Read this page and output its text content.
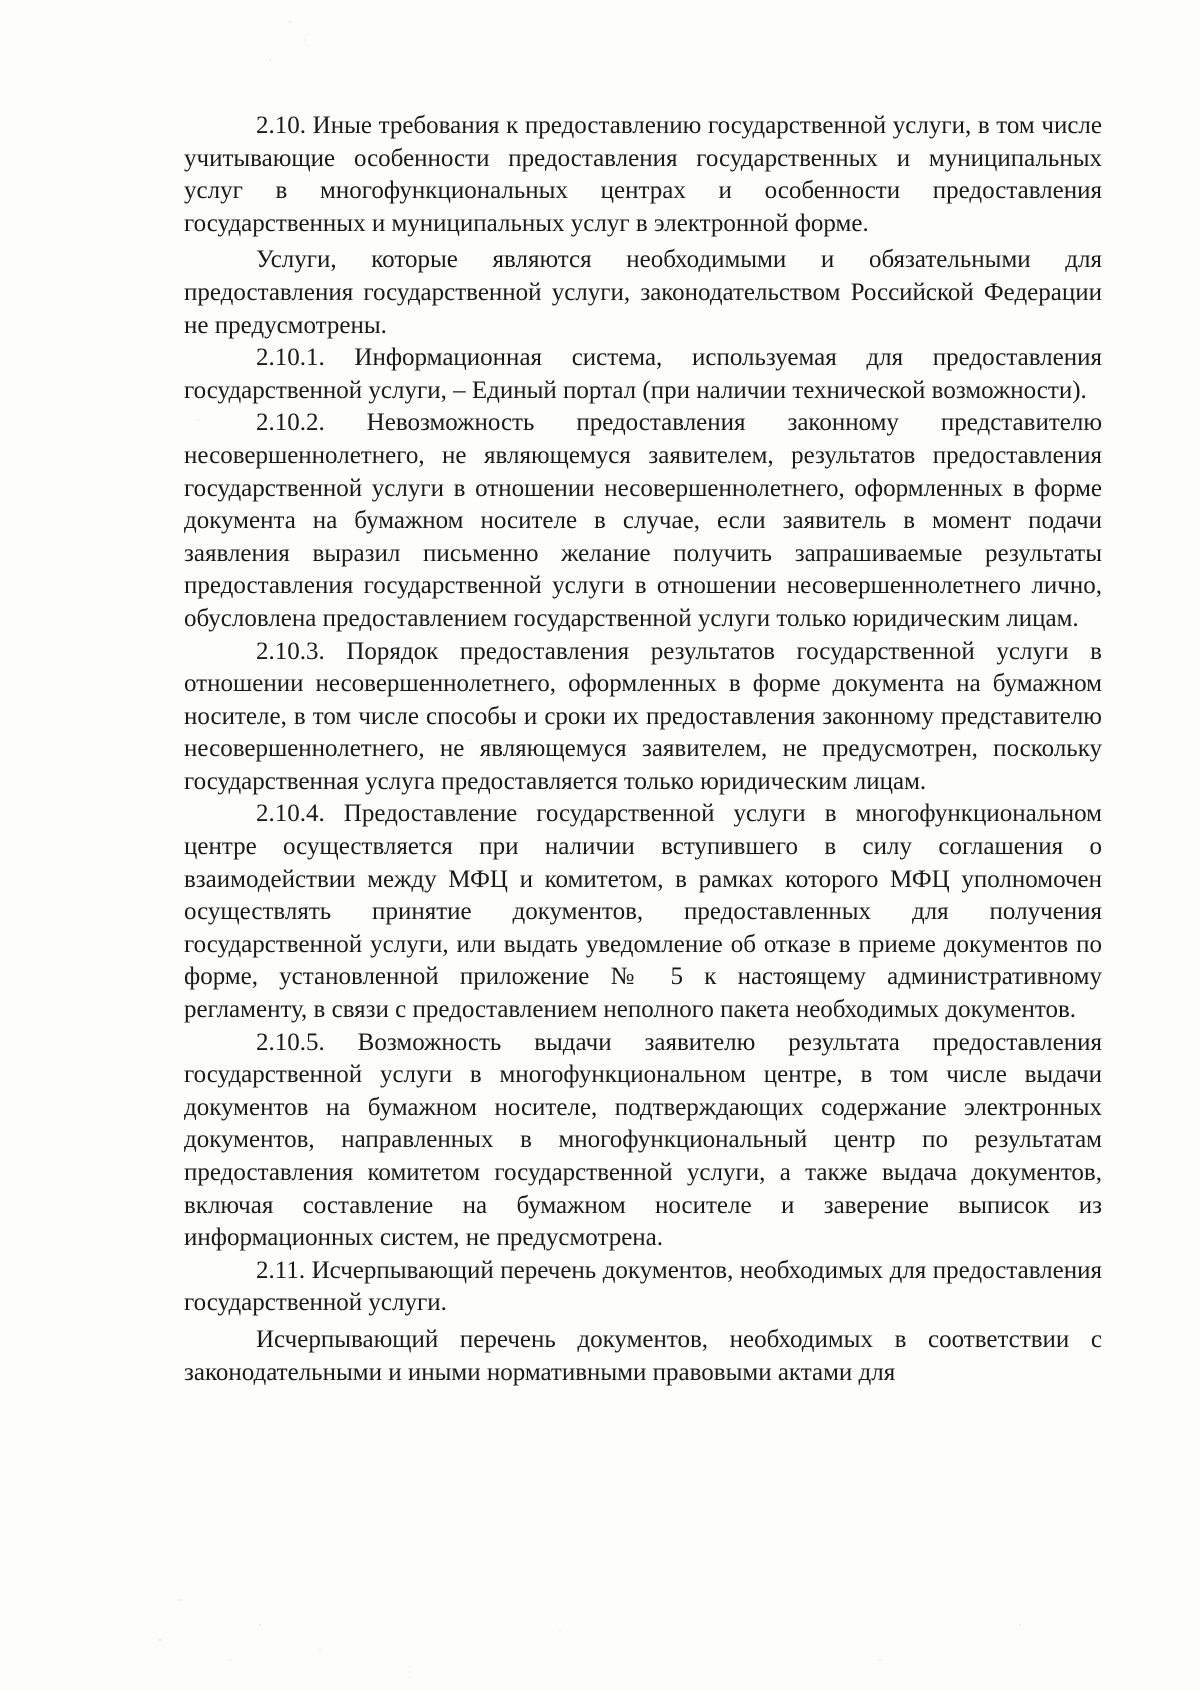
2.10. Иные требования к предоставлению государственной услуги, в том числе учитывающие особенности предоставления государственных и муниципальных услуг в многофункциональных центрах и особенности предоставления государственных и муниципальных услуг в электронной форме.

Услуги, которые являются необходимыми и обязательными для предоставления государственной услуги, законодательством Российской Федерации не предусмотрены.

2.10.1. Информационная система, используемая для предоставления государственной услуги, – Единый портал (при наличии технической возможности).

2.10.2. Невозможность предоставления законному представителю несовершеннолетнего, не являющемуся заявителем, результатов предоставления государственной услуги в отношении несовершеннолетнего, оформленных в форме документа на бумажном носителе в случае, если заявитель в момент подачи заявления выразил письменно желание получить запрашиваемые результаты предоставления государственной услуги в отношении несовершеннолетнего лично, обусловлена предоставлением государственной услуги только юридическим лицам.

2.10.3. Порядок предоставления результатов государственной услуги в отношении несовершеннолетнего, оформленных в форме документа на бумажном носителе, в том числе способы и сроки их предоставления законному представителю несовершеннолетнего, не являющемуся заявителем, не предусмотрен, поскольку государственная услуга предоставляется только юридическим лицам.

2.10.4. Предоставление государственной услуги в многофункциональном центре осуществляется при наличии вступившего в силу соглашения о взаимодействии между МФЦ и комитетом, в рамках которого МФЦ уполномочен осуществлять принятие документов, предоставленных для получения государственной услуги, или выдать уведомление об отказе в приеме документов по форме, установленной приложение № 5 к настоящему административному регламенту, в связи с предоставлением неполного пакета необходимых документов.

2.10.5. Возможность выдачи заявителю результата предоставления государственной услуги в многофункциональном центре, в том числе выдачи документов на бумажном носителе, подтверждающих содержание электронных документов, направленных в многофункциональный центр по результатам предоставления комитетом государственной услуги, а также выдача документов, включая составление на бумажном носителе и заверение выписок из информационных систем, не предусмотрена.

2.11. Исчерпывающий перечень документов, необходимых для предоставления государственной услуги.

Исчерпывающий перечень документов, необходимых в соответствии с законодательными и иными нормативными правовыми актами для
